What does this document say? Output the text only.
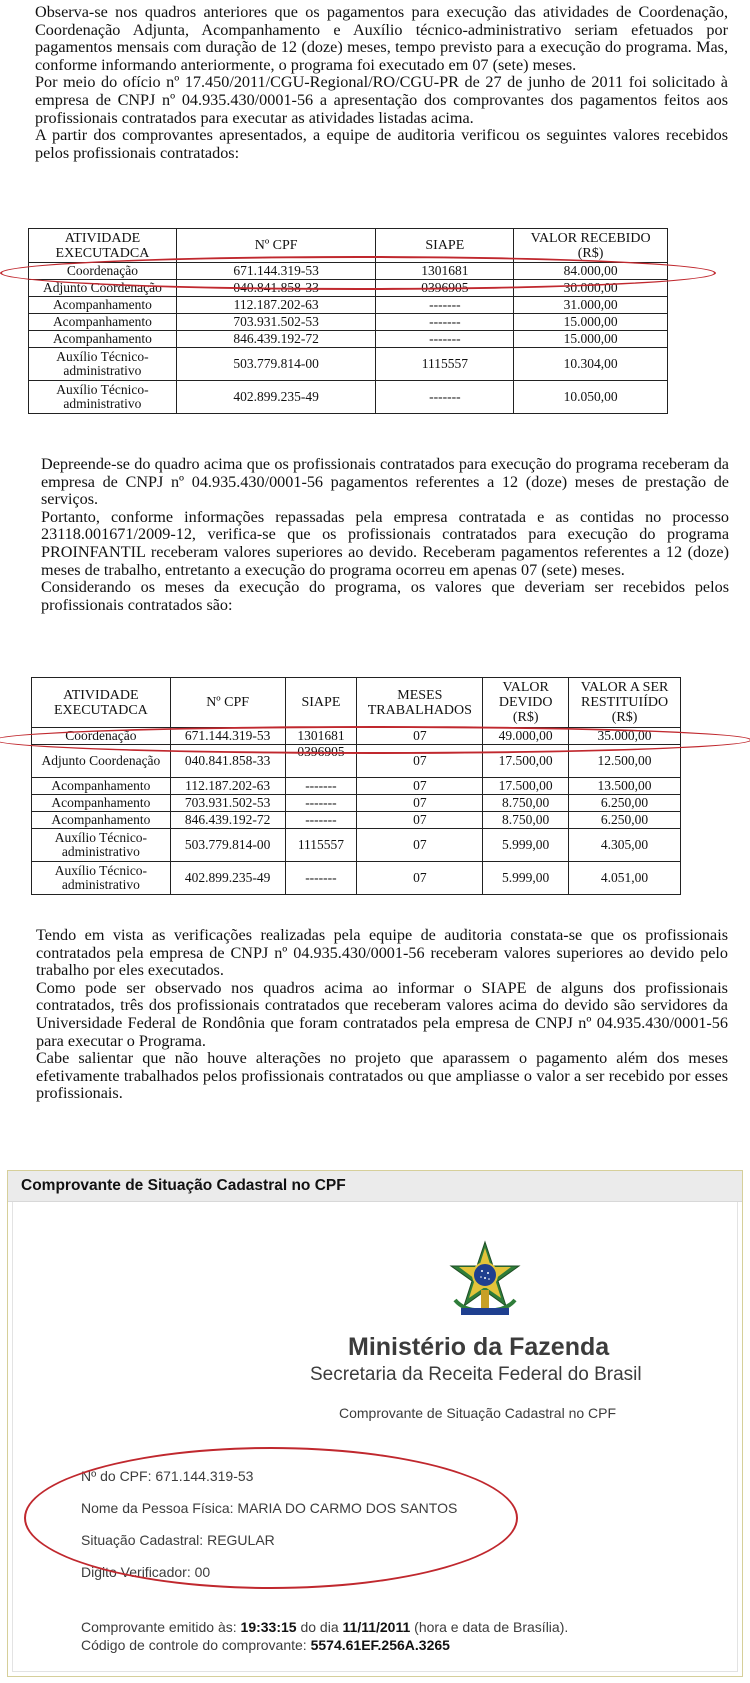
Observa-se nos quadros anteriores que os pagamentos para execução das atividades de Coordenação, Coordenação Adjunta, Acompanhamento e Auxílio técnico-administrativo seriam efetuados por pagamentos mensais com duração de 12 (doze) meses, tempo previsto para a execução do programa. Mas, conforme informando anteriormente, o programa foi executado em 07 (sete) meses.

Por meio do ofício nº 17.450/2011/CGU-Regional/RO/CGU-PR de 27 de junho de 2011 foi solicitado à empresa de CNPJ nº 04.935.430/0001-56 a apresentação dos comprovantes dos pagamentos feitos aos profissionais contratados para executar as atividades listadas acima.

A partir dos comprovantes apresentados, a equipe de auditoria verificou os seguintes valores recebidos pelos profissionais contratados:

ATIVIDADE EXECUTADCA	Nº CPF	SIAPE	VALOR RECEBIDO (R$)
Coordenação	671.144.319-53	1301681	84.000,00
Adjunto Coordenação	040.841.858-33	0396905	30.000,00
Acompanhamento	112.187.202-63	-------	31.000,00
Acompanhamento	703.931.502-53	-------	15.000,00
Acompanhamento	846.439.192-72	-------	15.000,00
Auxílio Técnico-administrativo	503.779.814-00	1115557	10.304,00
Auxílio Técnico-administrativo	402.899.235-49	-------	10.050,00

Depreende-se do quadro acima que os profissionais contratados para execução do programa receberam da empresa de CNPJ nº 04.935.430/0001-56 pagamentos referentes a 12 (doze) meses de prestação de serviços.

Portanto, conforme informações repassadas pela empresa contratada e as contidas no processo 23118.001671/2009-12, verifica-se que os profissionais contratados para execução do programa PROINFANTIL receberam valores superiores ao devido. Receberam pagamentos referentes a 12 (doze) meses de trabalho, entretanto a execução do programa ocorreu em apenas 07 (sete) meses.

Considerando os meses da execução do programa, os valores que deveriam ser recebidos pelos profissionais contratados são:

ATIVIDADE EXECUTADCA	Nº CPF	SIAPE	MESES TRABALHADOS	VALOR DEVIDO (R$)	VALOR A SER RESTITUIÍDO (R$)
Coordenação	671.144.319-53	1301681	07	49.000,00	35.000,00
Adjunto Coordenação	040.841.858-33	0396905	07	17.500,00	12.500,00
Acompanhamento	112.187.202-63	-------	07	17.500,00	13.500,00
Acompanhamento	703.931.502-53	-------	07	8.750,00	6.250,00
Acompanhamento	846.439.192-72	-------	07	8.750,00	6.250,00
Auxílio Técnico-administrativo	503.779.814-00	1115557	07	5.999,00	4.305,00
Auxílio Técnico-administrativo	402.899.235-49	-------	07	5.999,00	4.051,00

Tendo em vista as verificações realizadas pela equipe de auditoria constata-se que os profissionais contratados pela empresa de CNPJ nº 04.935.430/0001-56 receberam valores superiores ao devido pelo trabalho por eles executados.

Como pode ser observado nos quadros acima ao informar o SIAPE de alguns dos profissionais contratados, três dos profissionais contratados que receberam valores acima do devido são servidores da Universidade Federal de Rondônia que foram contratados pela empresa de CNPJ nº 04.935.430/0001-56 para executar o Programa.

Cabe salientar que não houve alterações no projeto que aparassem o pagamento além dos meses efetivamente trabalhados pelos profissionais contratados ou que ampliasse o valor a ser recebido por esses profissionais.

Comprovante de Situação Cadastral no CPF
Ministério da Fazenda
Secretaria da Receita Federal do Brasil
Comprovante de Situação Cadastral no CPF
Nº do CPF: 671.144.319-53
Nome da Pessoa Física: MARIA DO CARMO DOS SANTOS
Situação Cadastral: REGULAR
Digito Verificador: 00
Comprovante emitido às: 19:33:15 do dia 11/11/2011 (hora e data de Brasília).
Código de controle do comprovante: 5574.61EF.256A.3265
